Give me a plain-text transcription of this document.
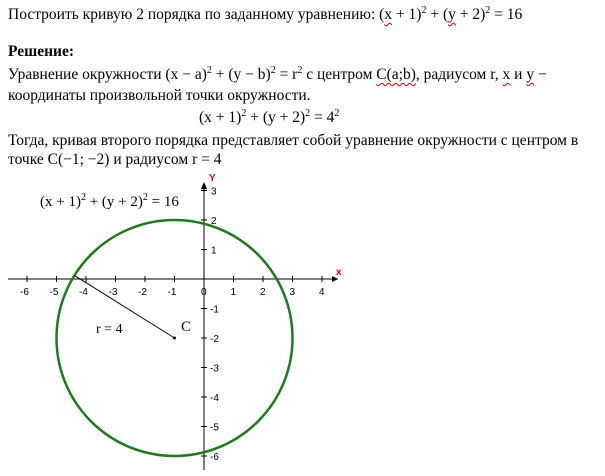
Построить кривую 2 порядка по заданному уравнению: $(x + 1)^2 + (y + 2)^2 = 16$
Решение:
Уравнение окружности $(x - a)^2 + (y - b)^2 = r^2$ с центром C(a;b), радиусом r, x и y −
координаты произвольной точки окружности.
$(x + 1)^2 + (y + 2)^2 = 4^2$
Тогда, кривая второго порядка представляет собой уравнение окружности с центром в
точке C(−1; −2) и радиусом r = 4
-6 -5 -4 -3 -2 -1 0 1 2 3 4
3
2
1
-1
-2
-3
-4
-5
-6
r = 4	C
x
Y
$(x + 1)^2 + (y + 2)^2 = 16$
